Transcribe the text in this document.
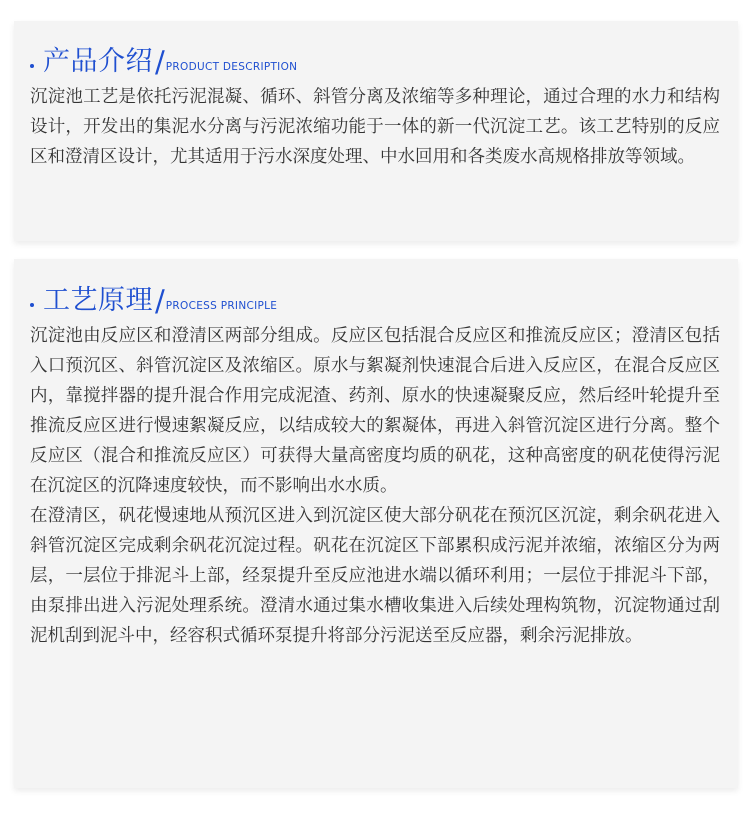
产品介绍 / PRODUCT DESCRIPTION

沉淀池工艺是依托污泥混凝、循环、斜管分离及浓缩等多种理论，通过合理的水力和结构设计，开发出的集泥水分离与污泥浓缩功能于一体的新一代沉淀工艺。该工艺特别的反应区和澄清区设计，尤其适用于污水深度处理、中水回用和各类废水高规格排放等领域。

工艺原理 / PROCESS PRINCIPLE

沉淀池由反应区和澄清区两部分组成。反应区包括混合反应区和推流反应区；澄清区包括入口预沉区、斜管沉淀区及浓缩区。原水与絮凝剂快速混合后进入反应区，在混合反应区内，靠搅拌器的提升混合作用完成泥渣、药剂、原水的快速凝聚反应，然后经叶轮提升至推流反应区进行慢速絮凝反应，以结成较大的絮凝体，再进入斜管沉淀区进行分离。整个反应区（混合和推流反应区）可获得大量高密度均质的矾花，这种高密度的矾花使得污泥在沉淀区的沉降速度较快，而不影响出水水质。

在澄清区，矾花慢速地从预沉区进入到沉淀区使大部分矾花在预沉区沉淀，剩余矾花进入斜管沉淀区完成剩余矾花沉淀过程。矾花在沉淀区下部累积成污泥并浓缩，浓缩区分为两层，一层位于排泥斗上部，经泵提升至反应池进水端以循环利用；一层位于排泥斗下部，由泵排出进入污泥处理系统。澄清水通过集水槽收集进入后续处理构筑物，沉淀物通过刮泥机刮到泥斗中，经容积式循环泵提升将部分污泥送至反应器，剩余污泥排放。
